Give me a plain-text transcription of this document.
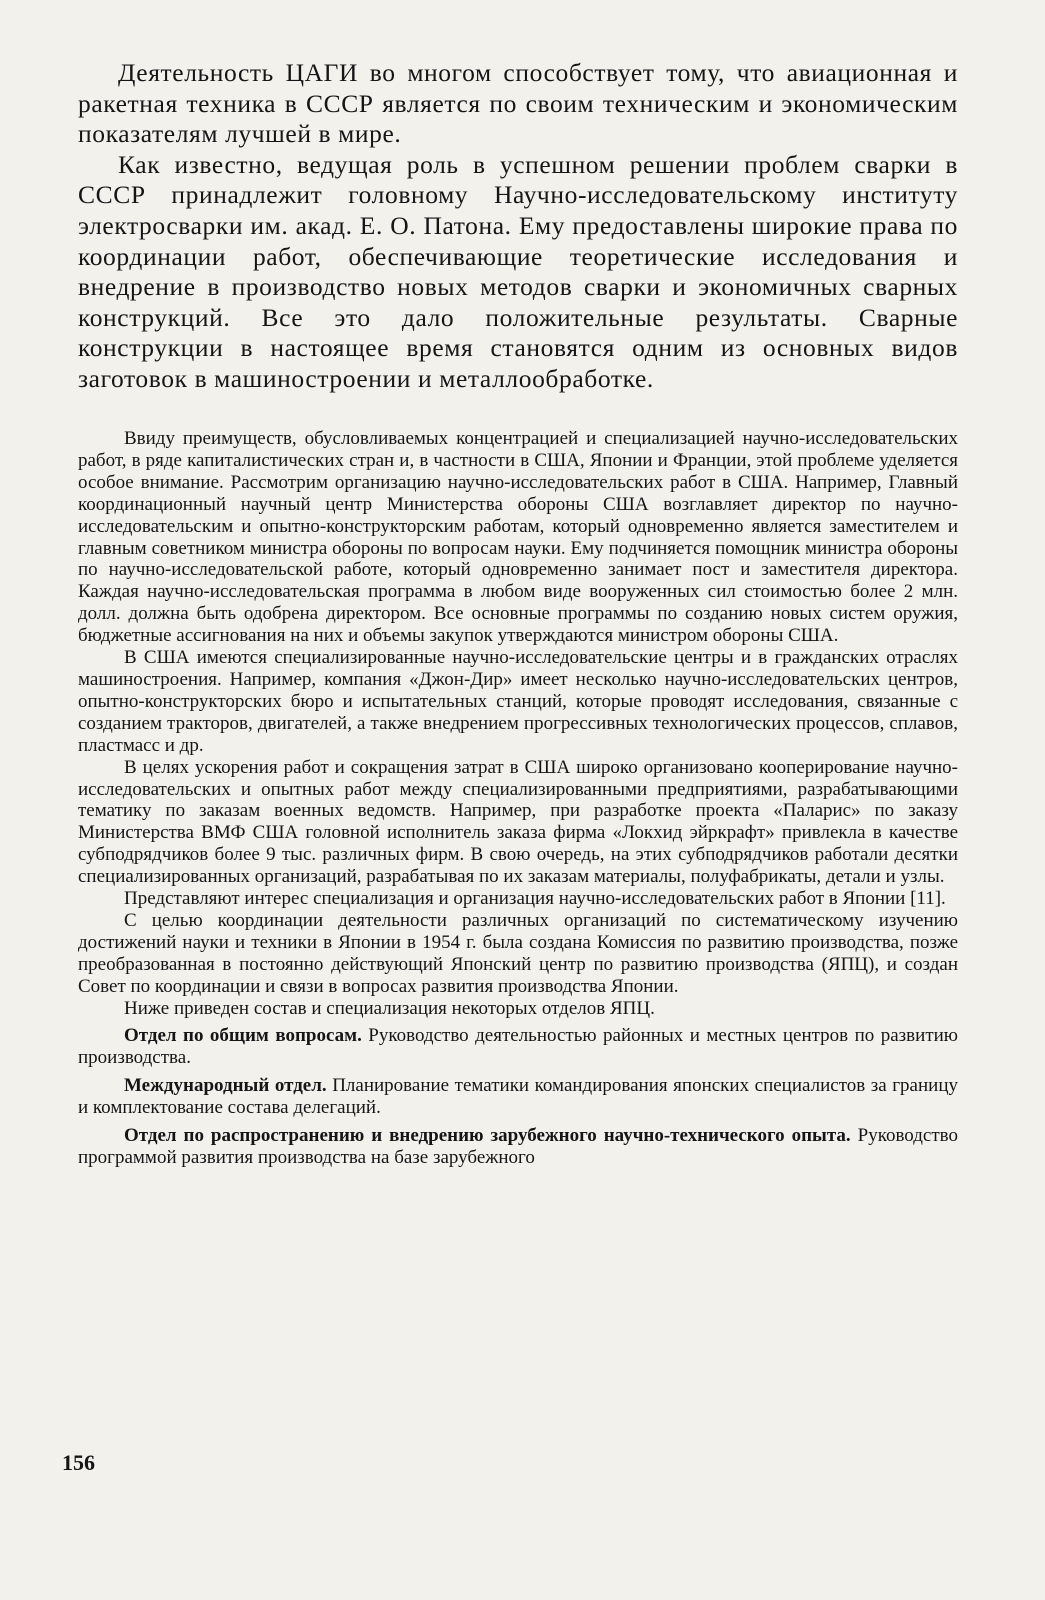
Деятельность ЦАГИ во многом способствует тому, что авиационная и ракетная техника в СССР является по своим техническим и экономическим показателям лучшей в мире.

Как известно, ведущая роль в успешном решении проблем сварки в СССР принадлежит головному Научно-исследовательскому институту электросварки им. акад. Е. О. Патона. Ему предоставлены широкие права по координации работ, обеспечивающие теоретические исследования и внедрение в производство новых методов сварки и экономичных сварных конструкций. Все это дало положительные результаты. Сварные конструкции в настоящее время становятся одним из основных видов заготовок в машиностроении и металлообработке.

Ввиду преимуществ, обусловливаемых концентрацией и специализацией научно-исследовательских работ, в ряде капиталистических стран и, в частности в США, Японии и Франции, этой проблеме уделяется особое внимание. Рассмотрим организацию научно-исследовательских работ в США. Например, Главный координационный научный центр Министерства обороны США возглавляет директор по научно-исследовательским и опытно-конструкторским работам, который одновременно является заместителем и главным советником министра обороны по вопросам науки. Ему подчиняется помощник министра обороны по научно-исследовательской работе, который одновременно занимает пост и заместителя директора. Каждая научно-исследовательская программа в любом виде вооруженных сил стоимостью более 2 млн. долл. должна быть одобрена директором. Все основные программы по созданию новых систем оружия, бюджетные ассигнования на них и объемы закупок утверждаются министром обороны США.

В США имеются специализированные научно-исследовательские центры и в гражданских отраслях машиностроения. Например, компания «Джон-Дир» имеет несколько научно-исследовательских центров, опытно-конструкторских бюро и испытательных станций, которые проводят исследования, связанные с созданием тракторов, двигателей, а также внедрением прогрессивных технологических процессов, сплавов, пластмасс и др.

В целях ускорения работ и сокращения затрат в США широко организовано кооперирование научно-исследовательских и опытных работ между специализированными предприятиями, разрабатывающими тематику по заказам военных ведомств. Например, при разработке проекта «Паларис» по заказу Министерства ВМФ США головной исполнитель заказа фирма «Локхид эйркрафт» привлекла в качестве субподрядчиков более 9 тыс. различных фирм. В свою очередь, на этих субподрядчиков работали десятки специализированных организаций, разрабатывая по их заказам материалы, полуфабрикаты, детали и узлы.

Представляют интерес специализация и организация научно-исследовательских работ в Японии [11].

С целью координации деятельности различных организаций по систематическому изучению достижений науки и техники в Японии в 1954 г. была создана Комиссия по развитию производства, позже преобразованная в постоянно действующий Японский центр по развитию производства (ЯПЦ), и создан Совет по координации и связи в вопросах развития производства Японии.

Ниже приведен состав и специализация некоторых отделов ЯПЦ.

Отдел по общим вопросам. Руководство деятельностью районных и местных центров по развитию производства.

Международный отдел. Планирование тематики командирования японских специалистов за границу и комплектование состава делегаций.

Отдел по распространению и внедрению зарубежного научно-технического опыта. Руководство программой развития производства на базе зарубежного

156
